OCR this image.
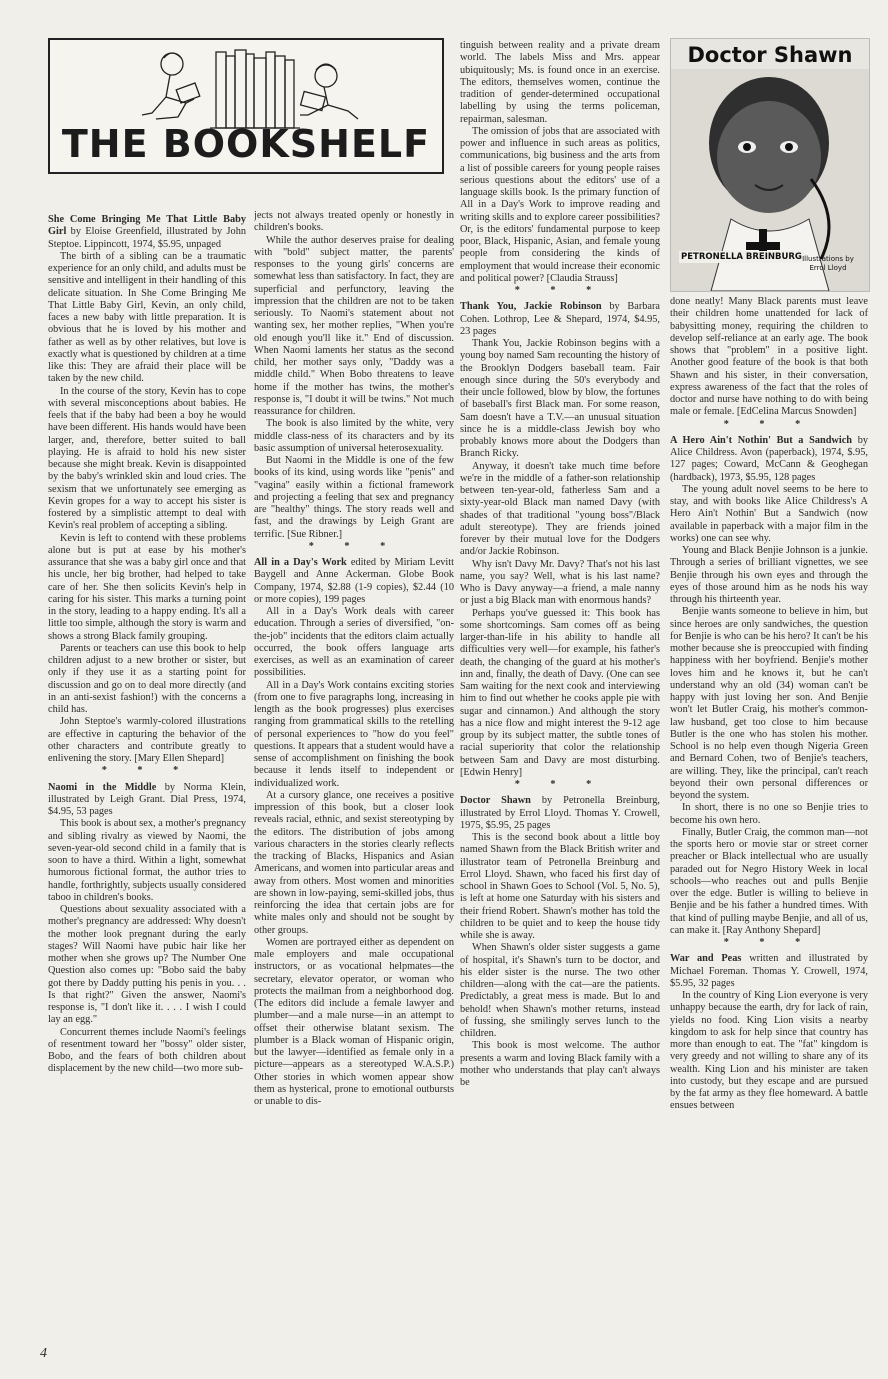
THE BOOKSHELF
Doctor Shawn
PETRONELLA BREINBURG Illustrations by Errol Lloyd

She Come Bringing Me That Little Baby Girl by Eloise Greenfield, illustrated by John Steptoe. Lippincott, 1974, $5.95, unpaged

The birth of a sibling can be a traumatic experience for an only child, and adults must be sensitive and intelligent in their handling of this delicate situation. In She Come Bringing Me That Little Baby Girl, Kevin, an only child, faces a new baby with little preparation. It is obvious that he is loved by his mother and father as well as by other relatives, but love is exactly what is questioned by children at a time like this: They are afraid their place will be taken by the new child.

In the course of the story, Kevin has to cope with several misconceptions about babies. He feels that if the baby had been a boy he would have been different. His hands would have been larger, and, therefore, better suited to ball playing. He is afraid to hold his new sister because she might break. Kevin is disappointed by the baby's wrinkled skin and loud cries. The sexism that we unfortunately see emerging as Kevin gropes for a way to accept his sister is fostered by a simplistic attempt to deal with Kevin's real problem of accepting a sibling.

Kevin is left to contend with these problems alone but is put at ease by his mother's assurance that she was a baby girl once and that his uncle, her big brother, had helped to take care of her. She then solicits Kevin's help in caring for his sister. This marks a turning point in the story, leading to a happy ending. It's all a little too simple, although the story is warm and shows a strong Black family grouping.

Parents or teachers can use this book to help children adjust to a new brother or sister, but only if they use it as a starting point for discussion and go on to deal more directly (and in an anti-sexist fashion!) with the concerns a child has.

John Steptoe's warmly-colored illustrations are effective in capturing the behavior of the other characters and contribute greatly to enlivening the story. [Mary Ellen Shepard]

* * *

Naomi in the Middle by Norma Klein, illustrated by Leigh Grant. Dial Press, 1974, $4.95, 53 pages

This book is about sex, a mother's pregnancy and sibling rivalry as viewed by Naomi, the seven-year-old second child in a family that is soon to have a third. Within a light, somewhat humorous fictional format, the author tries to handle, forthrightly, subjects usually considered taboo in children's books.

Questions about sexuality associated with a mother's pregnancy are addressed: Why doesn't the mother look pregnant during the early stages? Will Naomi have pubic hair like her mother when she grows up? The Number One Question also comes up: "Bobo said the baby got there by Daddy putting his penis in you. . . Is that right?" Given the answer, Naomi's response is, "I don't like it. . . . I wish I could lay an egg."

Concurrent themes include Naomi's feelings of resentment toward her "bossy" older sister, Bobo, and the fears of both children about displacement by the new child—two more sub-

jects not always treated openly or honestly in children's books.

While the author deserves praise for dealing with "bold" subject matter, the parents' responses to the young girls' concerns are somewhat less than satisfactory. In fact, they are superficial and perfunctory, leaving the impression that the children are not to be taken seriously. To Naomi's statement about not wanting sex, her mother replies, "When you're old enough you'll like it." End of discussion. When Naomi laments her status as the second child, her mother says only, "Daddy was a middle child." When Bobo threatens to leave home if the mother has twins, the mother's response is, "I doubt it will be twins." Not much reassurance for children.

The book is also limited by the white, very middle class-ness of its characters and by its basic assumption of universal heterosexuality.

But Naomi in the Middle is one of the few books of its kind, using words like "penis" and "vagina" easily within a fictional framework and projecting a feeling that sex and pregnancy are "healthy" things. The story reads well and fast, and the drawings by Leigh Grant are terrific. [Sue Ribner.]

* * *

All in a Day's Work edited by Miriam Levitt Baygell and Anne Ackerman. Globe Book Company, 1974, $2.88 (1-9 copies), $2.44 (10 or more copies), 199 pages

All in a Day's Work deals with career education. Through a series of diversified, "on-the-job" incidents that the editors claim actually occurred, the book offers language arts exercises, as well as an examination of career possibilities.

All in a Day's Work contains exciting stories (from one to five paragraphs long, increasing in length as the book progresses) plus exercises ranging from grammatical skills to the retelling of personal experiences to "how do you feel" questions. It appears that a student would have a sense of accomplishment on finishing the book because it lends itself to independent or individualized work.

At a cursory glance, one receives a positive impression of this book, but a closer look reveals racial, ethnic, and sexist stereotyping by the editors. The distribution of jobs among various characters in the stories clearly reflects the tracking of Blacks, Hispanics and Asian Americans, and women into particular areas and away from others. Most women and minorities are shown in low-paying, semi-skilled jobs, thus reinforcing the idea that certain jobs are for white males only and should not be sought by other groups.

Women are portrayed either as dependent on male employers and male occupational instructors, or as vocational helpmates—the secretary, elevator operator, or woman who protects the mailman from a neighborhood dog. (The editors did include a female lawyer and plumber—and a male nurse—in an attempt to offset their otherwise blatant sexism. The plumber is a Black woman of Hispanic origin, but the lawyer—identified as female only in a picture—appears as a stereotyped W.A.S.P.) Other stories in which women appear show them as hysterical, prone to emotional outbursts or unable to dis-

tinguish between reality and a private dream world. The labels Miss and Mrs. appear ubiquitously; Ms. is found once in an exercise. The editors, themselves women, continue the tradition of gender-determined occupational labelling by using the terms policeman, repairman, salesman.

The omission of jobs that are associated with power and influence in such areas as politics, communications, big business and the arts from a list of possible careers for young people raises serious questions about the editors' use of a language skills book. Is the primary function of All in a Day's Work to improve reading and writing skills and to explore career possibilities? Or, is the editors' fundamental purpose to keep poor, Black, Hispanic, Asian, and female young people from considering the kinds of employment that would increase their economic and political power? [Claudia Strauss]

* * *

Thank You, Jackie Robinson by Barbara Cohen. Lothrop, Lee & Shepard, 1974, $4.95, 23 pages

Thank You, Jackie Robinson begins with a young boy named Sam recounting the history of the Brooklyn Dodgers baseball team. Fair enough since during the 50's everybody and their uncle followed, blow by blow, the fortunes of baseball's first Black man. For some reason, Sam doesn't have a T.V.—an unusual situation since he is a middle-class Jewish boy who probably knows more about the Dodgers than Branch Ricky.

Anyway, it doesn't take much time before we're in the middle of a father-son relationship between ten-year-old, fatherless Sam and a sixty-year-old Black man named Davy (with shades of that traditional "young boss"/Black adult stereotype). They are friends joined forever by their mutual love for the Dodgers and/or Jackie Robinson.

Why isn't Davy Mr. Davy? That's not his last name, you say? Well, what is his last name? Who is Davy anyway—a friend, a male nanny or just a big Black man with enormous hands?

Perhaps you've guessed it: This book has some shortcomings. Sam comes off as being larger-than-life in his ability to handle all difficulties very well—for example, his father's death, the changing of the guard at his mother's inn and, finally, the death of Davy. (One can see Sam waiting for the next cook and interviewing him to find out whether he cooks apple pie with sugar and cinnamon.) And although the story has a nice flow and might interest the 9-12 age group by its subject matter, the subtle tones of racial superiority that color the relationship between Sam and Davy are most disturbing. [Edwin Henry]

* * *

Doctor Shawn by Petronella Breinburg, illustrated by Errol Lloyd. Thomas Y. Crowell, 1975, $5.95, 25 pages

This is the second book about a little boy named Shawn from the Black British writer and illustrator team of Petronella Breinburg and Errol Lloyd. Shawn, who faced his first day of school in Shawn Goes to School (Vol. 5, No. 5), is left at home one Saturday with his sisters and their friend Robert. Shawn's mother has told the children to be quiet and to keep the house tidy while she is away.

When Shawn's older sister suggests a game of hospital, it's Shawn's turn to be doctor, and his elder sister is the nurse. The two other children—along with the cat—are the patients. Predictably, a great mess is made. But lo and behold! when Shawn's mother returns, instead of fussing, she smilingly serves lunch to the children.

This book is most welcome. The author presents a warm and loving Black family with a mother who understands that play can't always be

done neatly! Many Black parents must leave their children home unattended for lack of babysitting money, requiring the children to develop self-reliance at an early age. The book shows that "problem" in a positive light. Another good feature of the book is that both Shawn and his sister, in their conversation, express awareness of the fact that the roles of doctor and nurse have nothing to do with being male or female. [EdCelina Marcus Snowden]

* * *

A Hero Ain't Nothin' But a Sandwich by Alice Childress. Avon (paperback), 1974, $.95, 127 pages; Coward, McCann & Geoghegan (hardback), 1973, $5.95, 128 pages

The young adult novel seems to be here to stay, and with books like Alice Childress's A Hero Ain't Nothin' But a Sandwich (now available in paperback with a major film in the works) one can see why.

Young and Black Benjie Johnson is a junkie. Through a series of brilliant vignettes, we see Benjie through his own eyes and through the eyes of those around him as he nods his way through his thirteenth year.

Benjie wants someone to believe in him, but since heroes are only sandwiches, the question for Benjie is who can be his hero? It can't be his mother because she is preoccupied with finding happiness with her boyfriend. Benjie's mother loves him and he knows it, but he can't understand why an old (34) woman can't be happy with just loving her son. And Benjie won't let Butler Craig, his mother's common-law husband, get too close to him because Butler is the one who has stolen his mother. School is no help even though Nigeria Green and Bernard Cohen, two of Benjie's teachers, are willing. They, like the principal, can't reach beyond their own personal differences or beyond the system.

In short, there is no one so Benjie tries to become his own hero.

Finally, Butler Craig, the common man—not the sports hero or movie star or street corner preacher or Black intellectual who are usually paraded out for Negro History Week in local schools—who reaches out and pulls Benjie over the edge. Butler is willing to believe in Benjie and be his father a hundred times. With that kind of pulling maybe Benjie, and all of us, can make it. [Ray Anthony Shepard]

* * *

War and Peas written and illustrated by Michael Foreman. Thomas Y. Crowell, 1974, $5.95, 32 pages

In the country of King Lion everyone is very unhappy because the earth, dry for lack of rain, yields no food. King Lion visits a nearby kingdom to ask for help since that country has more than enough to eat. The "fat" kingdom is very greedy and not willing to share any of its wealth. King Lion and his minister are taken into custody, but they escape and are pursued by the fat army as they flee homeward. A battle ensues between

4
